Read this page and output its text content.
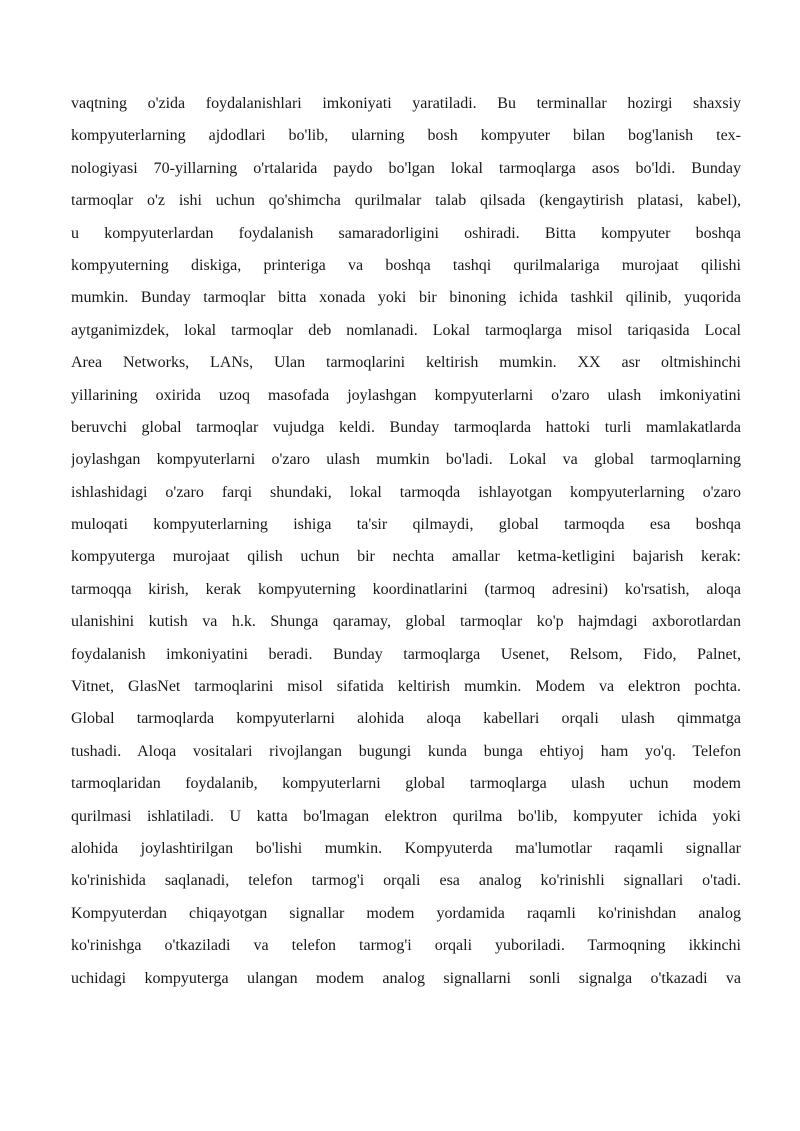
vaqtning o'zida foydalanishlari imkoniyati yaratiladi. Bu terminallar hozirgi shaxsiy
kompyuterlarning ajdodlari bo'lib, ularning bosh kompyuter bilan bog'lanish tex-
nologiyasi 70-yillarning o'rtalarida paydo bo'lgan lokal tarmoqlarga asos bo'ldi. Bunday
tarmoqlar o'z ishi uchun qo'shimcha qurilmalar talab qilsada (kengaytirish platasi, kabel),
u kompyuterlardan foydalanish samaradorligini oshiradi. Bitta kompyuter boshqa
kompyuterning diskiga, printeriga va boshqa tashqi qurilmalariga murojaat qilishi
mumkin. Bunday tarmoqlar bitta xonada yoki bir binoning ichida tashkil qilinib, yuqorida
aytganimizdek, lokal tarmoqlar deb nomlanadi. Lokal tarmoqlarga misol tariqasida Local
Area Networks, LANs, Ulan tarmoqlarini keltirish mumkin. XX asr oltmishinchi
yillarining oxirida uzoq masofada joylashgan kompyuterlarni o'zaro ulash imkoniyatini
beruvchi global tarmoqlar vujudga keldi. Bunday tarmoqlarda hattoki turli mamlakatlarda
joylashgan kompyuterlarni o'zaro ulash mumkin bo'ladi. Lokal va global tarmoqlarning
ishlashidagi o'zaro farqi shundaki, lokal tarmoqda ishlayotgan kompyuterlarning o'zaro
muloqati kompyuterlarning ishiga ta'sir qilmaydi, global tarmoqda esa boshqa
kompyuterga murojaat qilish uchun bir nechta amallar ketma-ketligini bajarish kerak:
tarmoqqa kirish, kerak kompyuterning koordinatlarini (tarmoq adresini) ko'rsatish, aloqa
ulanishini kutish va h.k. Shunga qaramay, global tarmoqlar ko'p hajmdagi axborotlardan
foydalanish imkoniyatini beradi. Bunday tarmoqlarga Usenet, Relsom, Fido, Palnet,
Vitnet, GlasNet tarmoqlarini misol sifatida keltirish mumkin. Modem va elektron pochta.
Global tarmoqlarda kompyuterlarni alohida aloqa kabellari orqali ulash qimmatga
tushadi. Aloqa vositalari rivojlangan bugungi kunda bunga ehtiyoj ham yo'q. Telefon
tarmoqlaridan foydalanib, kompyuterlarni global tarmoqlarga ulash uchun modem
qurilmasi ishlatiladi. U katta bo'lmagan elektron qurilma bo'lib, kompyuter ichida yoki
alohida joylashtirilgan bo'lishi mumkin. Kompyuterda ma'lumotlar raqamli signallar
ko'rinishida saqlanadi, telefon tarmog'i orqali esa analog ko'rinishli signallari o'tadi.
Kompyuterdan chiqayotgan signallar modem yordamida raqamli ko'rinishdan analog
ko'rinishga o'tkaziladi va telefon tarmog'i orqali yuboriladi. Tarmoqning ikkinchi
uchidagi kompyuterga ulangan modem analog signallarni sonli signalga o'tkazadi va
